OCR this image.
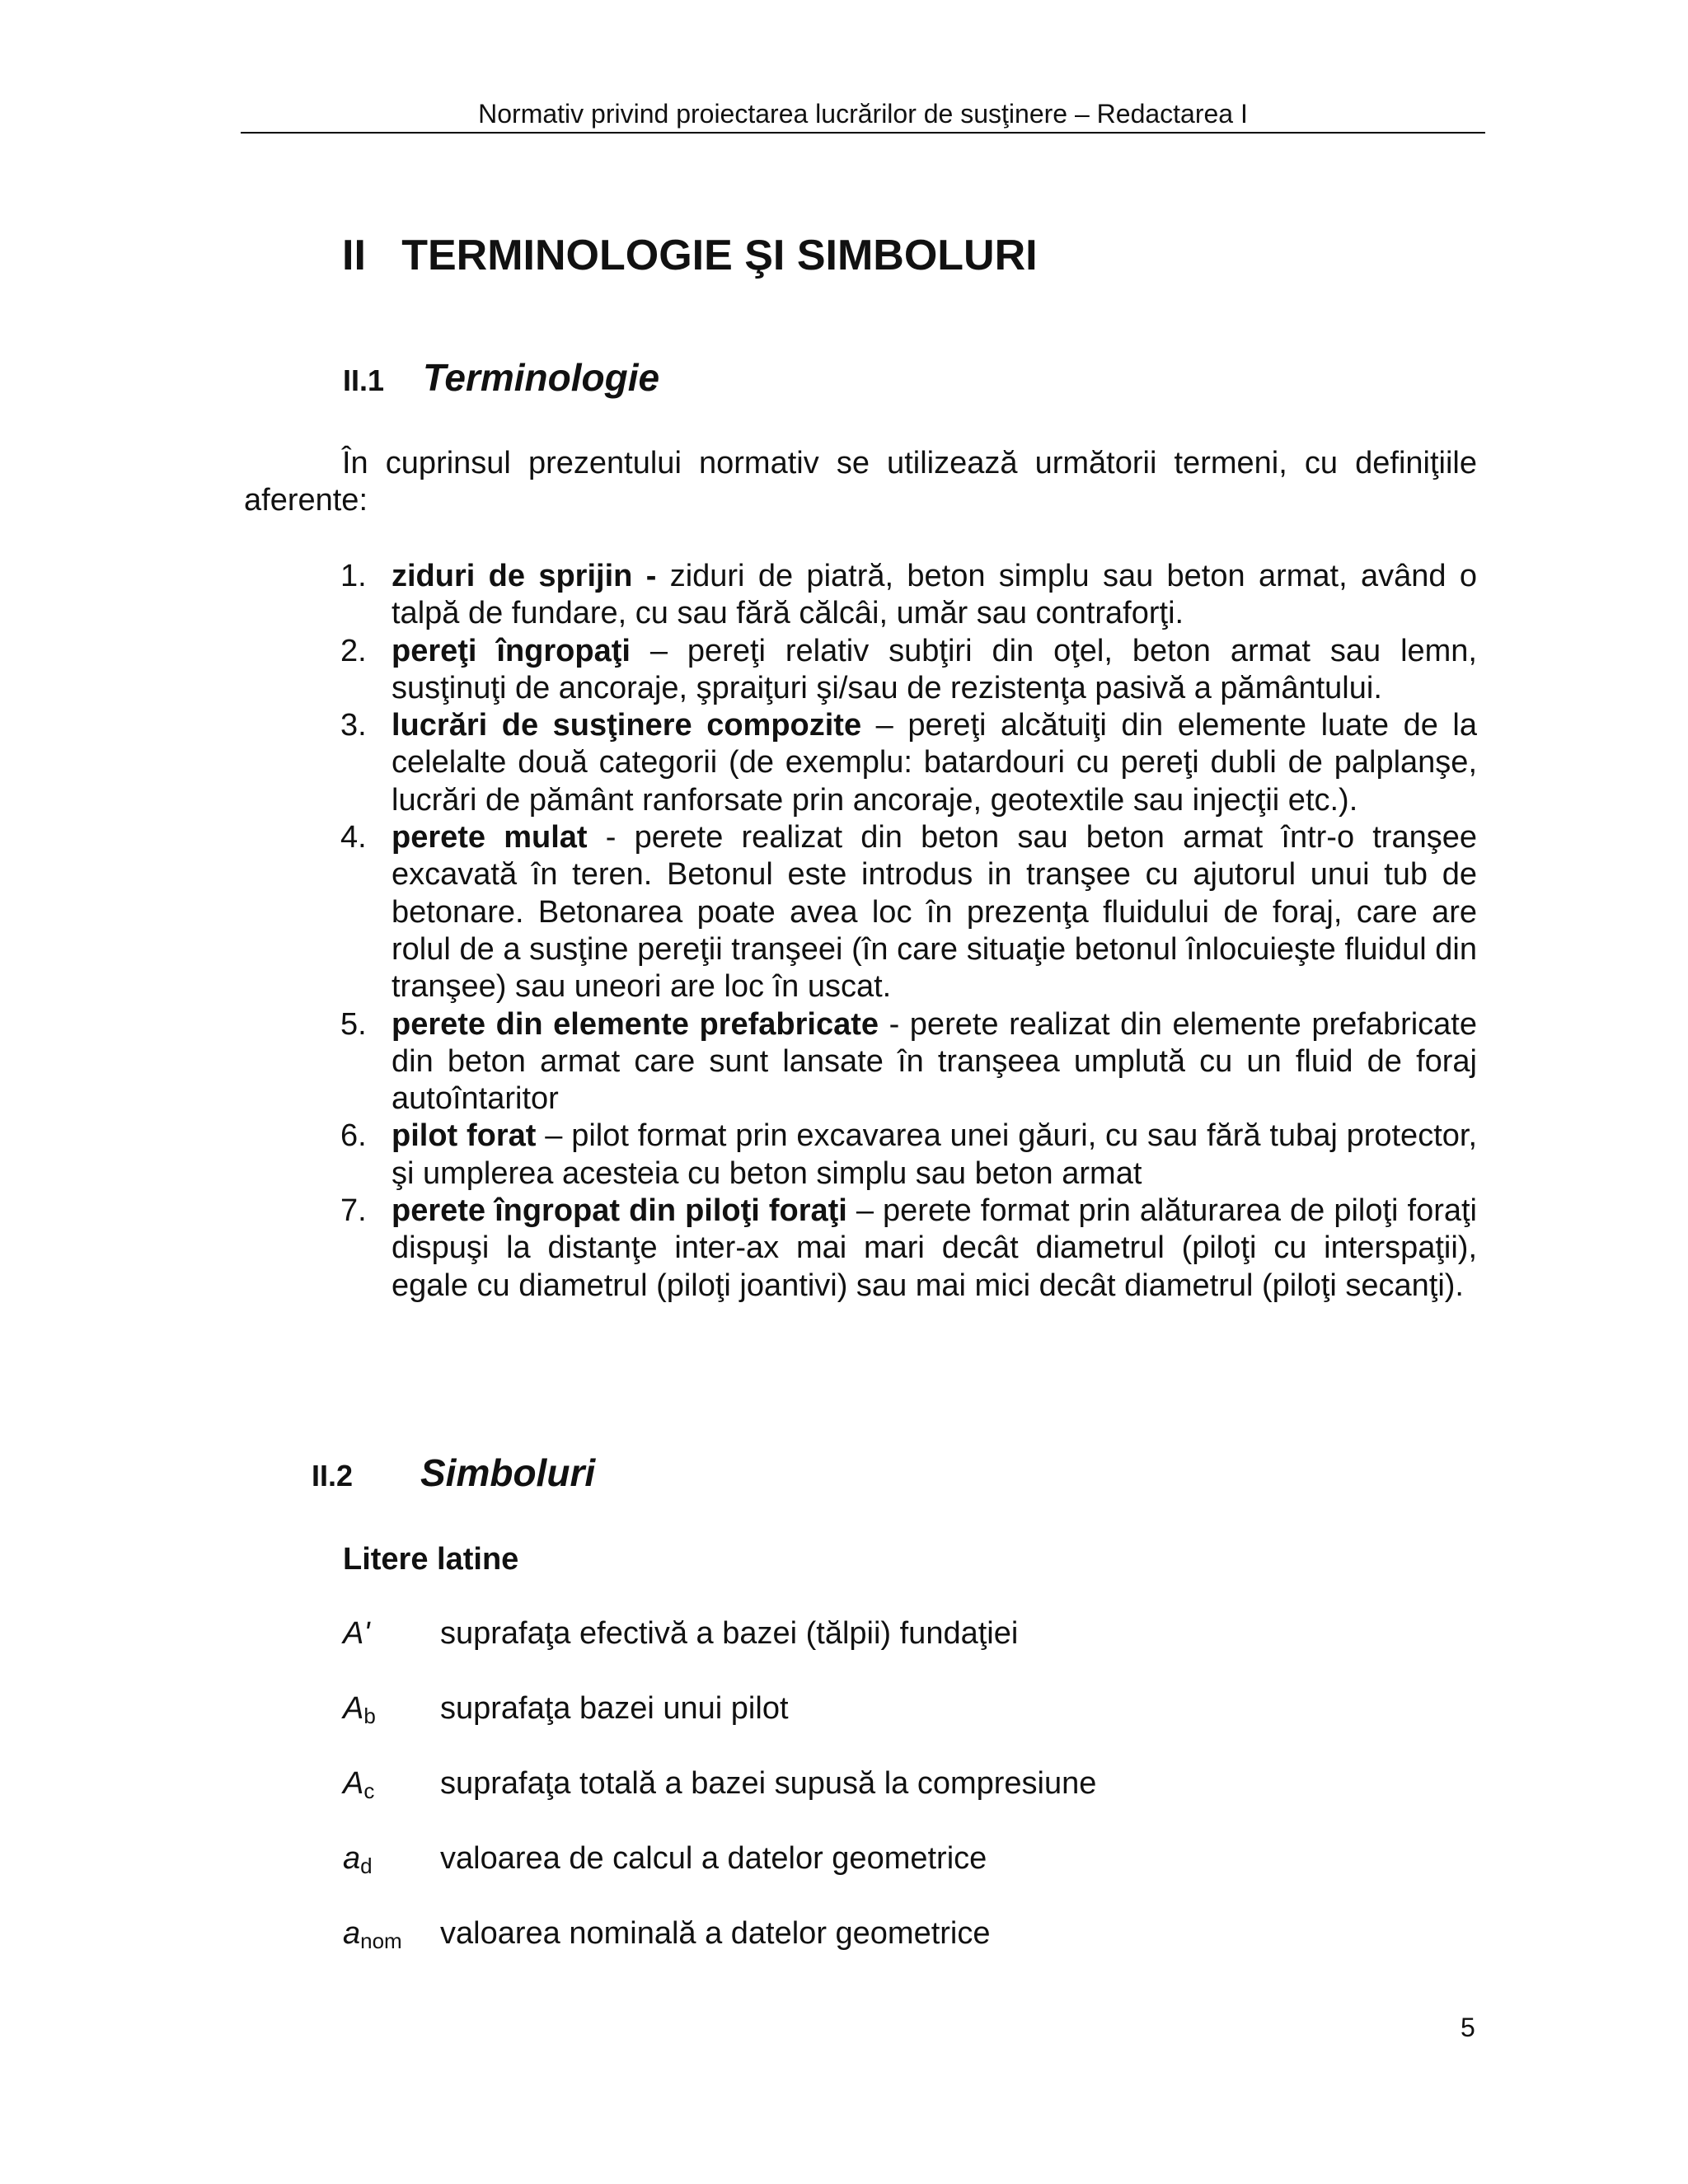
Normativ privind proiectarea lucrărilor de susţinere – Redactarea I
II   TERMINOLOGIE ŞI SIMBOLURI
II.1 Terminologie

În cuprinsul prezentului normativ se utilizează următorii termeni, cu definiţiile aferente:

1. ziduri de sprijin - ziduri de piatră, beton simplu sau beton armat, având o talpă de fundare, cu sau fără călcâi, umăr sau contraforţi.
2. pereţi îngropaţi – pereţi relativ subţiri din oţel, beton armat sau lemn, susţinuţi de ancoraje, şpraiţuri şi/sau de rezistenţa pasivă a pământului.
3. lucrări de susţinere compozite – pereţi alcătuiţi din elemente luate de la celelalte două categorii (de exemplu: batardouri cu pereţi dubli de palplanşe, lucrări de pământ ranforsate prin ancoraje, geotextile sau injecţii etc.).
4. perete mulat - perete realizat din beton sau beton armat într-o tranşee excavată în teren. Betonul este introdus in tranşee cu ajutorul unui tub de betonare. Betonarea poate avea loc în prezenţa fluidului de foraj, care are rolul de a susţine pereţii tranşeei (în care situaţie betonul înlocuieşte fluidul din tranşee) sau uneori are loc în uscat.
5. perete din elemente prefabricate - perete realizat din elemente prefabricate din beton armat care sunt lansate în tranşeea umplută cu un fluid de foraj autoîntaritor
6. pilot forat – pilot format prin excavarea unei găuri, cu sau fără tubaj protector, şi umplerea acesteia cu beton simplu sau beton armat
7. perete îngropat din piloţi foraţi – perete format prin alăturarea de piloţi foraţi dispuşi la distanţe inter-ax mai mari decât diametrul (piloţi cu interspaţii), egale cu diametrul (piloţi joantivi) sau mai mici decât diametrul (piloţi secanţi).
II.2 Simboluri
Litere latine
A' suprafaţa efectivă a bazei (tălpii) fundaţiei
$A_b$ suprafaţa bazei unui pilot
$A_c$ suprafaţa totală a bazei supusă la compresiune
$a_d$ valoarea de calcul a datelor geometrice
$a_{nom}$ valoarea nominală a datelor geometrice
5
